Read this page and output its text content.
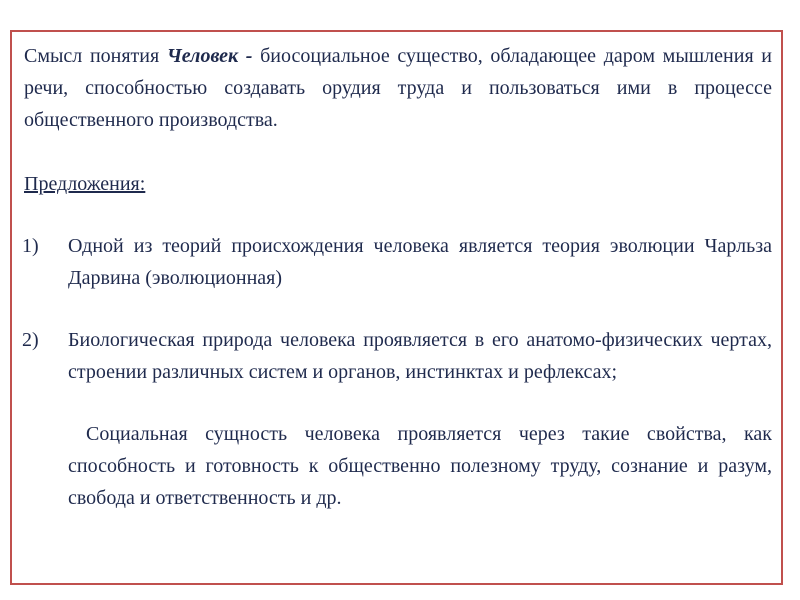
Смысл понятия Человек - биосоциальное существо, обладающее даром мышления и речи, способностью создавать орудия труда и пользоваться ими в процессе общественного производства.

Предложения:

1) Одной из теорий происхождения человека является теория эволюции Чарльза Дарвина (эволюционная)
2) Биологическая природа человека проявляется в его анатомо-физических чертах, строении различных систем и органов, инстинктах и рефлексах;

Социальная сущность человека проявляется через такие свойства, как способность и готовность к общественно полезному труду, сознание и разум, свобода и ответственность и др.
